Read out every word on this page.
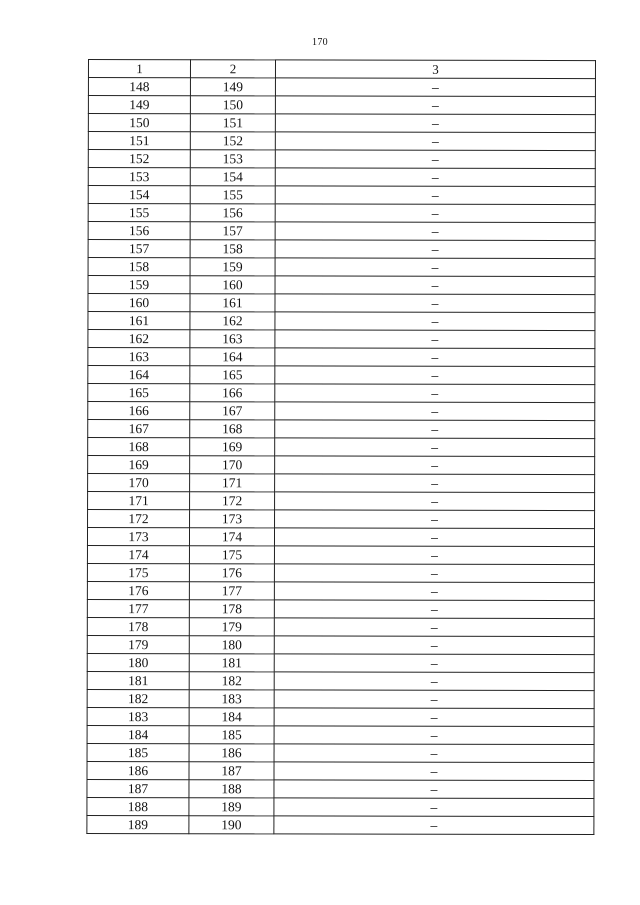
170
1	2	3
148	149	–
149	150	–
150	151	–
151	152	–
152	153	–
153	154	–
154	155	–
155	156	–
156	157	–
157	158	–
158	159	–
159	160	–
160	161	–
161	162	–
162	163	–
163	164	–
164	165	–
165	166	–
166	167	–
167	168	–
168	169	–
169	170	–
170	171	–
171	172	–
172	173	–
173	174	–
174	175	–
175	176	–
176	177	–
177	178	–
178	179	–
179	180	–
180	181	–
181	182	–
182	183	–
183	184	–
184	185	–
185	186	–
186	187	–
187	188	–
188	189	–
189	190	–
